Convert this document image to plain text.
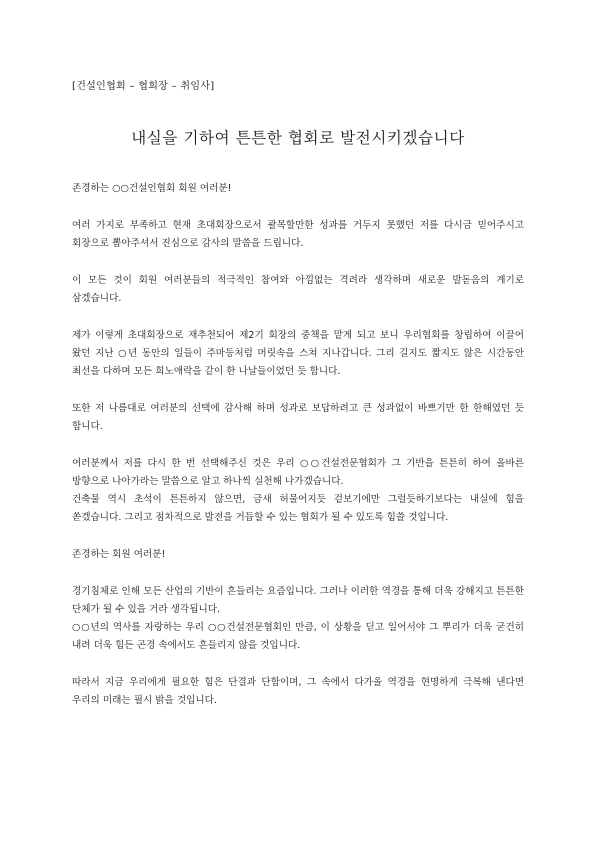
[건설인협회 – 협회장 – 취임사]

내실을 기하여 튼튼한 협회로 발전시키겠습니다
존경하는 ○○건설인협회 회원 여러분!
여러 가지로 부족하고 현재 초대회장으로서 괄목할만한 성과를 거두지 못했던 저를 다시금 믿어주시고 회장으로 뽑아주셔서 진심으로 감사의 말씀을 드립니다.
이 모든 것이 회원 여러분들의 적극적인 참여와 아낌없는 격려라 생각하며 새로운 발돋음의 계기로 삼겠습니다.
제가 이렇게 초대회장으로 재추천되어 제2기 회장의 중책을 맡게 되고 보니 우리협회를 창립하여 이끌어 왔던 지난 ○년 동안의 일들이 주마등처럼 머릿속을 스쳐 지나갑니다. 그리 길지도 짧지도 않은 시간동안 최선을 다하며 모든 희노애락을 같이 한 나날들이었던 듯 합니다.
또한 저 나름대로 여러분의 선택에 감사해 하며 성과로 보답하려고 큰 성과없이 바쁘기만 한 한해였던 듯 합니다.
여러분께서 저를 다시 한 번 선택해주신 것은 우리 ○○건설전문협회가 그 기반을 튼튼히 하여 올바른 방향으로 나아가라는 말씀으로 알고 하나씩 실천해 나가겠습니다.
건축물 역시 초석이 튼튼하지 않으면, 금새 허물어지듯 겉보기에만 그럴듯하기보다는 내실에 힘을 쏟겠습니다. 그리고 점차적으로 발전을 거듭할 수 있는 협회가 될 수 있도록 힘쓸 것입니다.
존경하는 회원 여러분!
경기침체로 인해 모든 산업의 기반이 흔들리는 요즘입니다. 그러나 이러한 역경을 통해 더욱 강해지고 튼튼한 단체가 될 수 있을 거라 생각됩니다.
○○년의 역사를 자랑하는 우리 ○○건설전문협회인 만큼, 이 상황을 딛고 일어서야 그 뿌리가 더욱 굳건히 내려 더욱 힘든 곤경 속에서도 흔들리지 않을 것입니다.
따라서 지금 우리에게 필요한 힘은 단결과 단합이며, 그 속에서 다가올 역경을 현명하게 극복해 낸다면 우리의 미래는 필시 밝을 것입니다.
